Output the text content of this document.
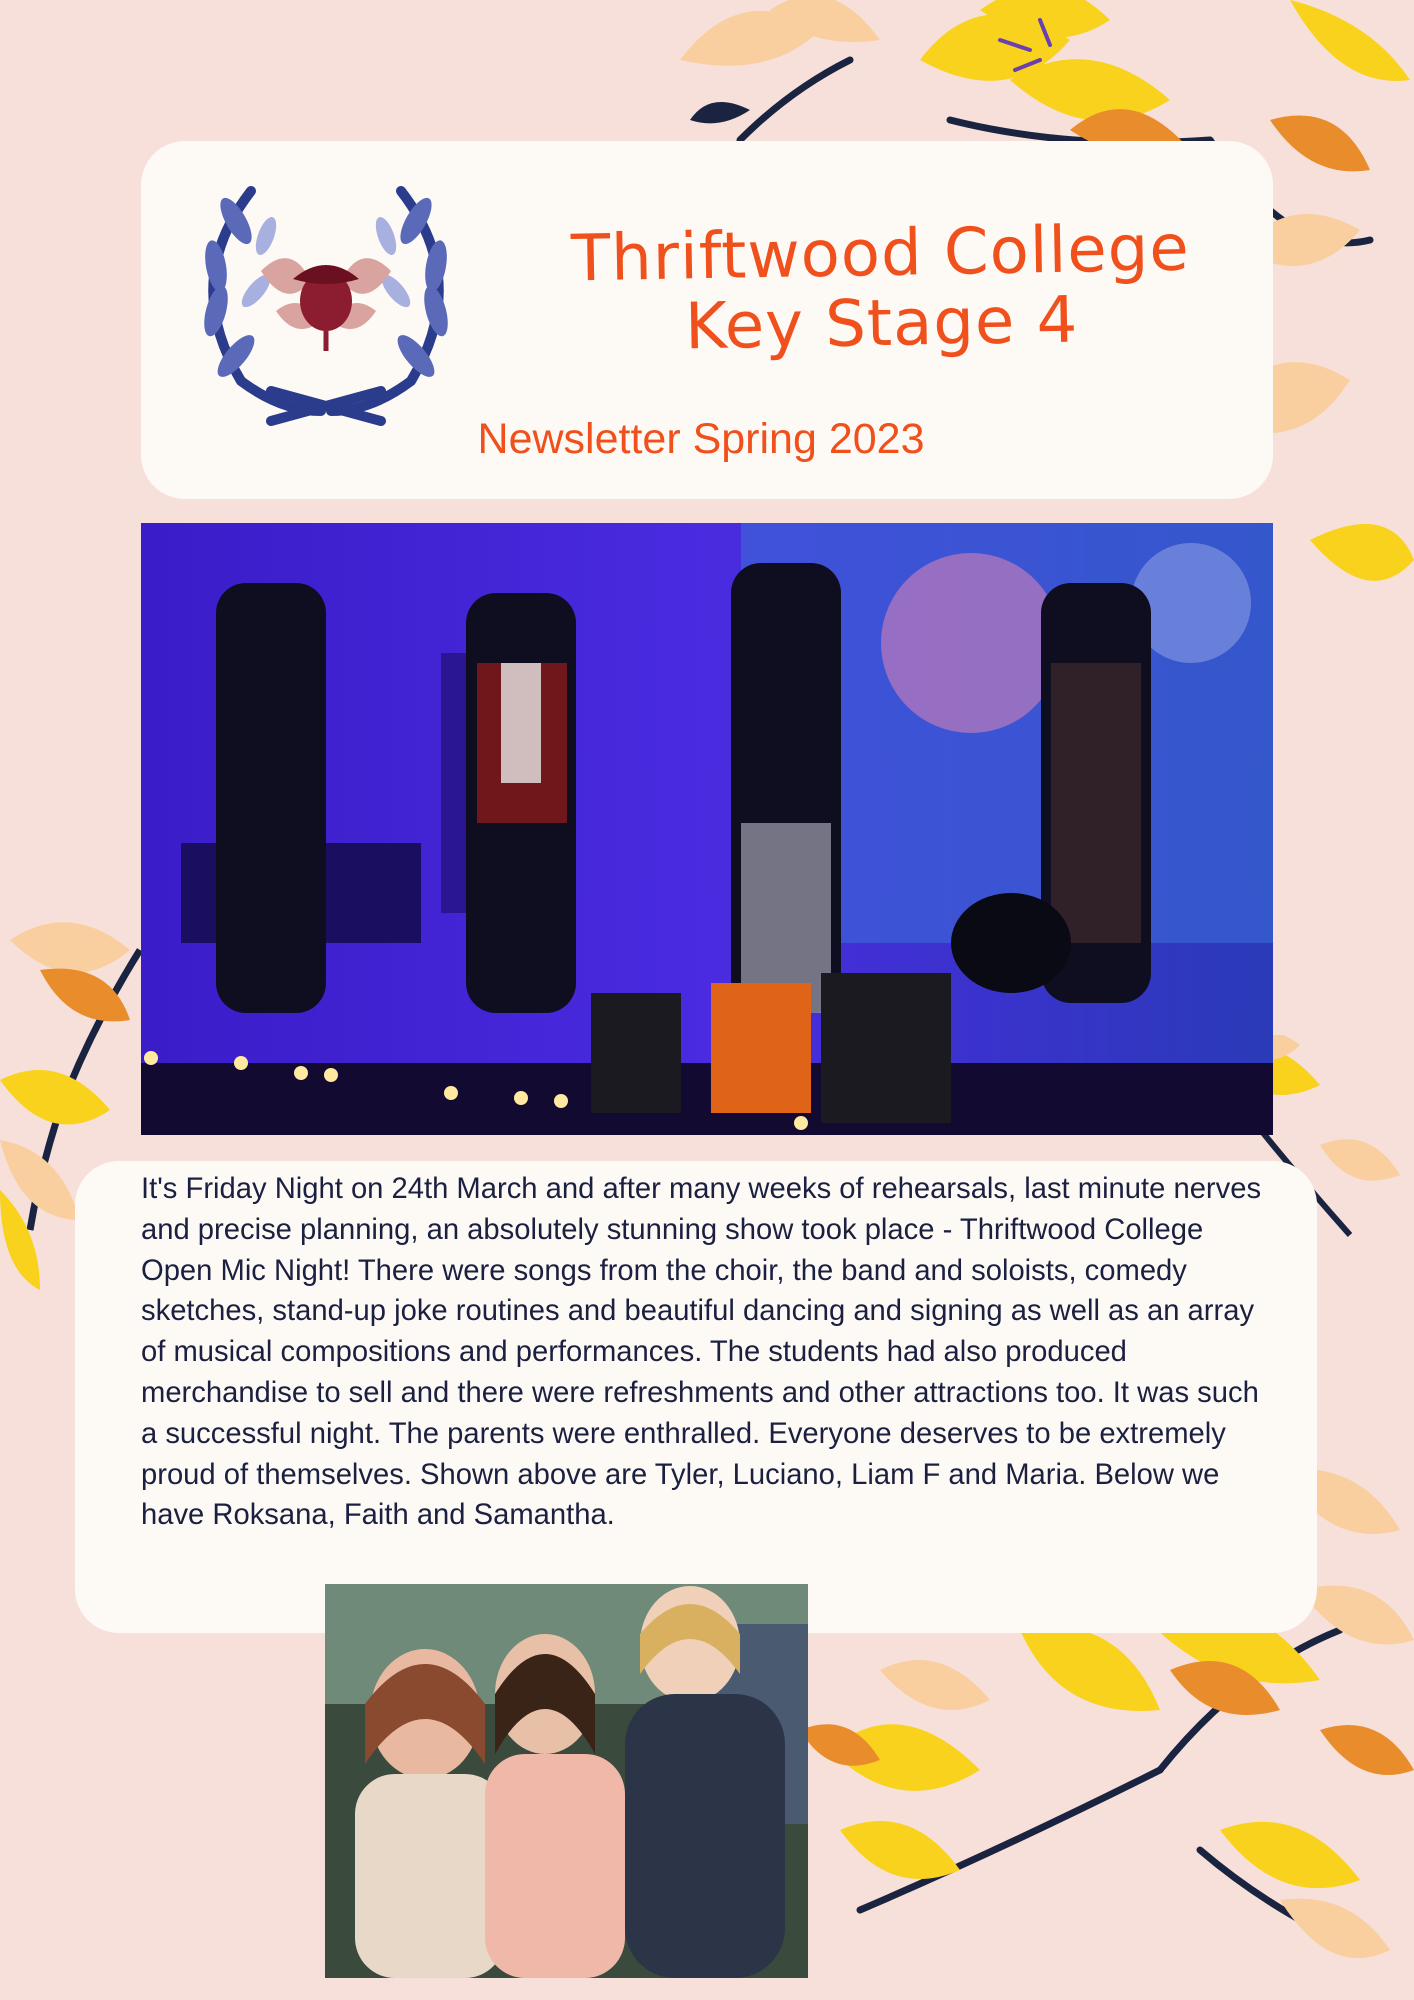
Thriftwood College
Key Stage 4
Newsletter Spring 2023

It's Friday Night on 24th March and after many weeks of rehearsals, last minute nerves and precise planning, an absolutely stunning show took place - Thriftwood College Open Mic Night! There were songs from the choir, the band and soloists, comedy sketches, stand-up joke routines and beautiful dancing and signing as well as an array of musical compositions and performances. The students had also produced merchandise to sell and there were refreshments and other attractions too. It was such a successful night. The parents were enthralled. Everyone deserves to be extremely proud of themselves. Shown above are Tyler, Luciano, Liam F and Maria. Below we have Roksana, Faith and Samantha.
